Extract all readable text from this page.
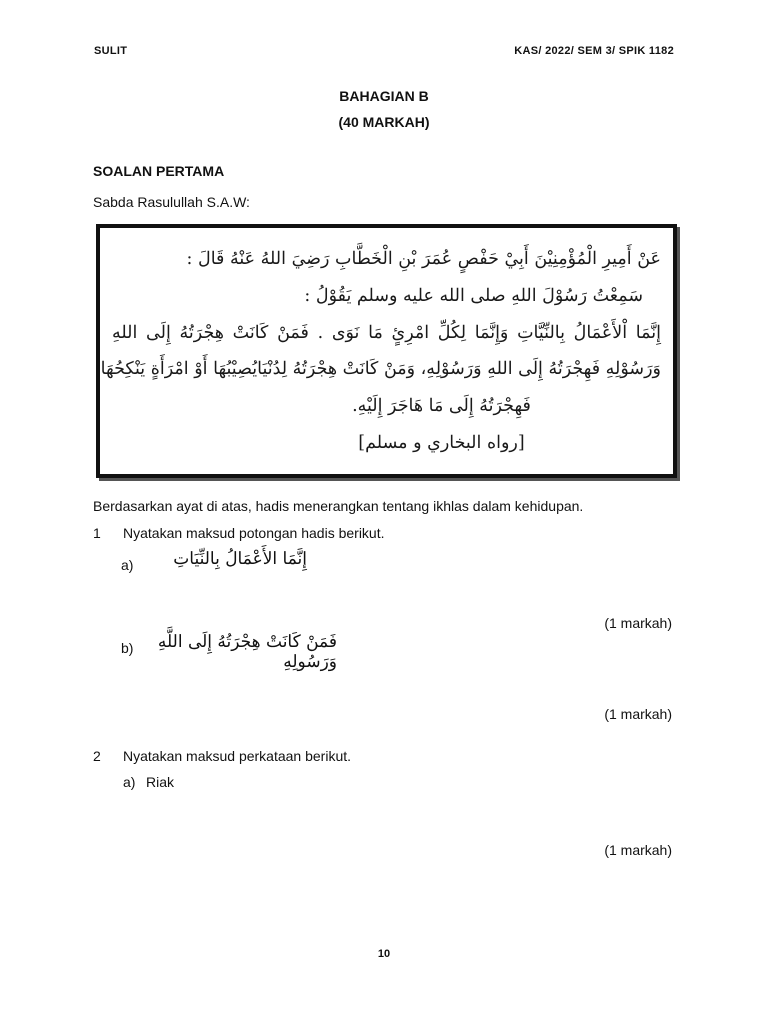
SULIT	KAS/ 2022/ SEM 3/ SPIK 1182
BAHAGIAN B
(40 MARKAH)
SOALAN PERTAMA
Sabda Rasulullah S.A.W:
عَنْ أَمِيرِ الْمُؤْمِنِيْنَ أَبِيْ حَفْصٍ عُمَرَ بْنِ الْخَطَّابِ رَضِيَ اللهُ عَنْهُ قَالَ :
سَمِعْتُ رَسُوْلَ اللهِ صلى الله عليه وسلم يَقُوْلُ :
إِنَّمَا اْلأَعْمَالُ بِالنِّيَّاتِ وَإِنَّمَا لِكُلِّ امْرِئٍ مَا نَوَى . فَمَنْ كَانَتْ هِجْرَتُهُ إِلَى اللهِ
وَرَسُوْلِهِ فَهِجْرَتُهُ إِلَى اللهِ وَرَسُوْلِهِ، وَمَنْ كَانَتْ هِجْرَتُهُ لِدُنْيَايُصِيْبُهَا أَوْ امْرَأَةٍ يَنْكِحُهَا
فَهِجْرَتُهُ إِلَى مَا هَاجَرَ إِلَيْهِ.
[رواه البخاري و مسلم]
Berdasarkan ayat di atas, hadis menerangkan tentang ikhlas dalam kehidupan.
1 Nyatakan maksud potongan hadis berikut.
a)	إِنَّمَا الأَعْمَالُ بِالنِّيَاتِ
(1 markah)
b)	فَمَنْ كَانَتْ هِجْرَتُهُ إِلَى اللَّهِ وَرَسُولِهِ
(1 markah)
2 Nyatakan maksud perkataan berikut.
a) Riak
(1 markah)
10
